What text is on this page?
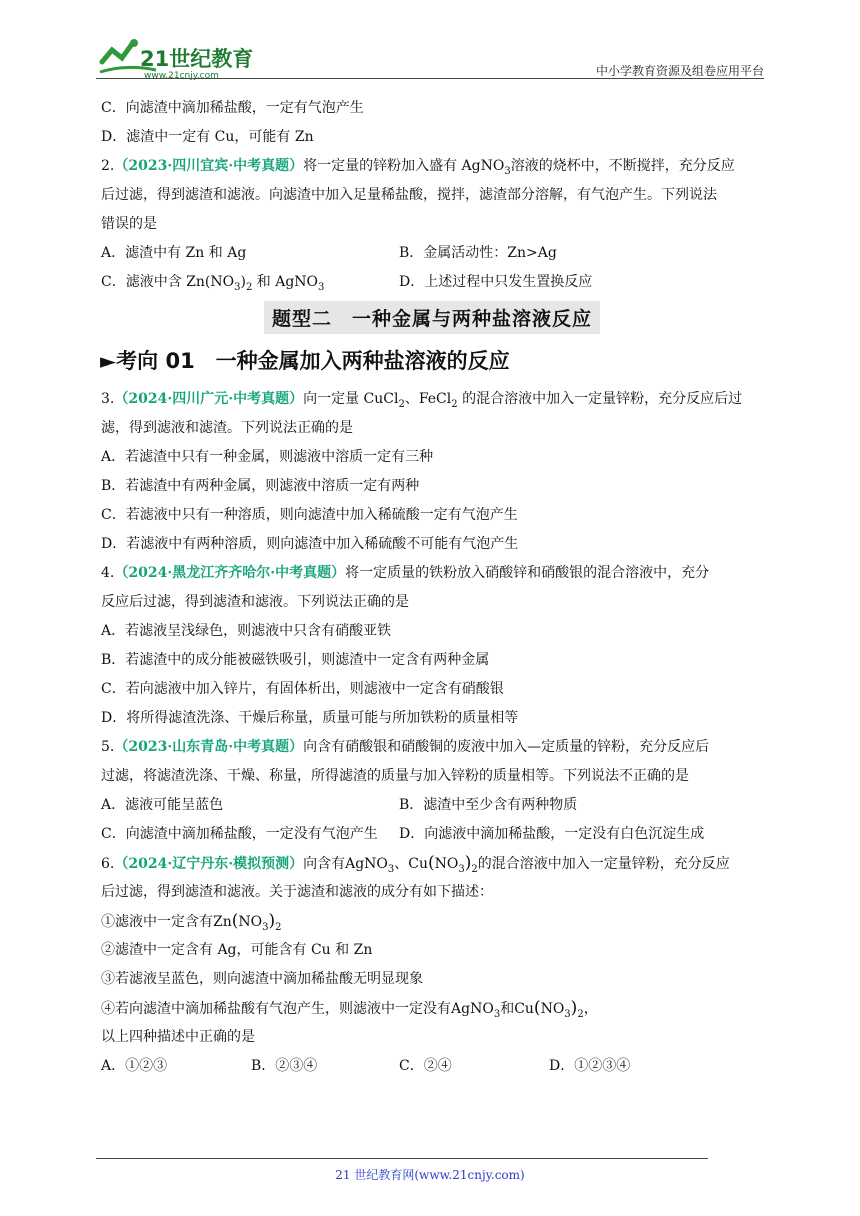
21世纪教育
www.21cnjy.com	中小学教育资源及组卷应用平台
C．向滤渣中滴加稀盐酸，一定有气泡产生
D．滤渣中一定有 Cu，可能有 Zn
2.（2023·四川宜宾·中考真题）将一定量的锌粉加入盛有 AgNO$_3$溶液的烧杯中，不断搅拌，充分反应
后过滤，得到滤渣和滤液。向滤渣中加入足量稀盐酸，搅拌，滤渣部分溶解，有气泡产生。下列说法
错误的是
A．滤渣中有 Zn 和 Ag	B．金属活动性：Zn>Ag
C．滤液中含 $Zn(NO_3)_2$ 和 AgNO$_3$	D．上述过程中只发生置换反应
题型二　一种金属与两种盐溶液反应
►考向 01　一种金属加入两种盐溶液的反应
3.（2024·四川广元·中考真题）向一定量 CuCl$_2$、FeCl$_2$ 的混合溶液中加入一定量锌粉，充分反应后过
滤，得到滤液和滤渣。下列说法正确的是
A．若滤渣中只有一种金属，则滤液中溶质一定有三种
B．若滤渣中有两种金属，则滤液中溶质一定有两种
C．若滤液中只有一种溶质，则向滤渣中加入稀硫酸一定有气泡产生
D．若滤液中有两种溶质，则向滤渣中加入稀硫酸不可能有气泡产生
4.（2024·黑龙江齐齐哈尔·中考真题）将一定质量的铁粉放入硝酸锌和硝酸银的混合溶液中，充分
反应后过滤，得到滤渣和滤液。下列说法正确的是
A．若滤液呈浅绿色，则滤液中只含有硝酸亚铁
B．若滤渣中的成分能被磁铁吸引，则滤渣中一定含有两种金属
C．若向滤液中加入锌片，有固体析出，则滤液中一定含有硝酸银
D．将所得滤渣洗涤、干燥后称量，质量可能与所加铁粉的质量相等
5.（2023·山东青岛·中考真题）向含有硝酸银和硝酸铜的废液中加入—定质量的锌粉，充分反应后
过滤，将滤渣洗涤、干燥、称量，所得滤渣的质量与加入锌粉的质量相等。下列说法不正确的是
A．滤液可能呈蓝色	B．滤渣中至少含有两种物质
C．向滤渣中滴加稀盐酸，一定没有气泡产生 D．向滤液中滴加稀盐酸，一定没有白色沉淀生成
6.（2024·辽宁丹东·模拟预测）向含有AgNO$_3$、$Cu(NO_3)_2$的混合溶液中加入一定量锌粉，充分反应
后过滤，得到滤渣和滤液。关于滤渣和滤液的成分有如下描述：
①滤液中一定含有$Zn(NO_3)_2$
②滤渣中一定含有 Ag，可能含有 Cu 和 Zn
③若滤液呈蓝色，则向滤渣中滴加稀盐酸无明显现象
④若向滤渣中滴加稀盐酸有气泡产生，则滤液中一定没有AgNO$_3$和$Cu(NO_3)_2$，
以上四种描述中正确的是
A．①②③	B．②③④	C．②④	D．①②③④
21 世纪教育网(www.21cnjy.com)
